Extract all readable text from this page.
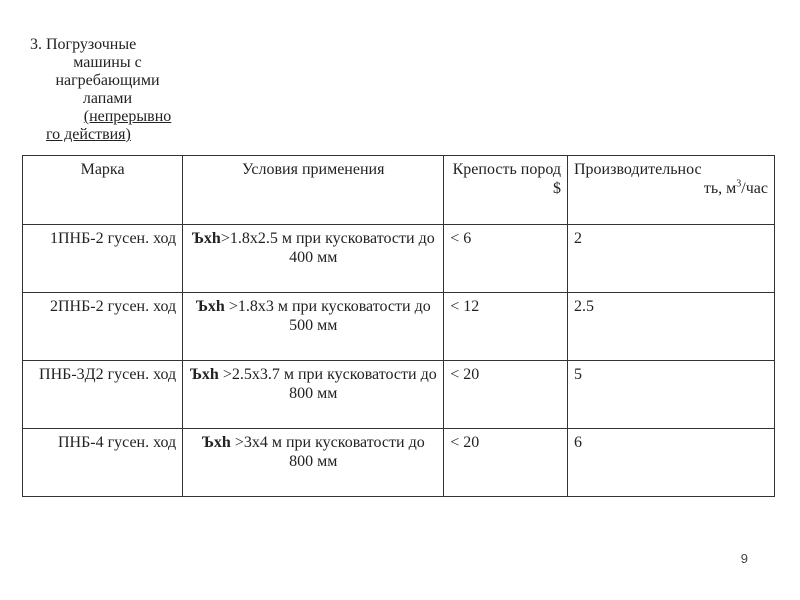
3. Погрузочные
машины с
нагребающими
лапами
(непрерывно
го действия)
Марка	Условия применения	Крепость пород $	Производительнос
ть, $м^3$/час

1ПНБ-2 гусен. ход	Ъxh>1.8x2.5 м при кусковатости до 400 мм	< 6	2
2ПНБ-2 гусен. ход	Ъxh >1.8x3 м при кусковатости до 500 мм	< 12	2.5
ПНБ-3Д2 гусен. ход	Ъxh >2.5x3.7 м при кусковатости до 800 мм	< 20	5
ПНБ-4 гусен. ход	Ъxh >3x4 м при кусковатости до 800 мм	< 20	6
9
